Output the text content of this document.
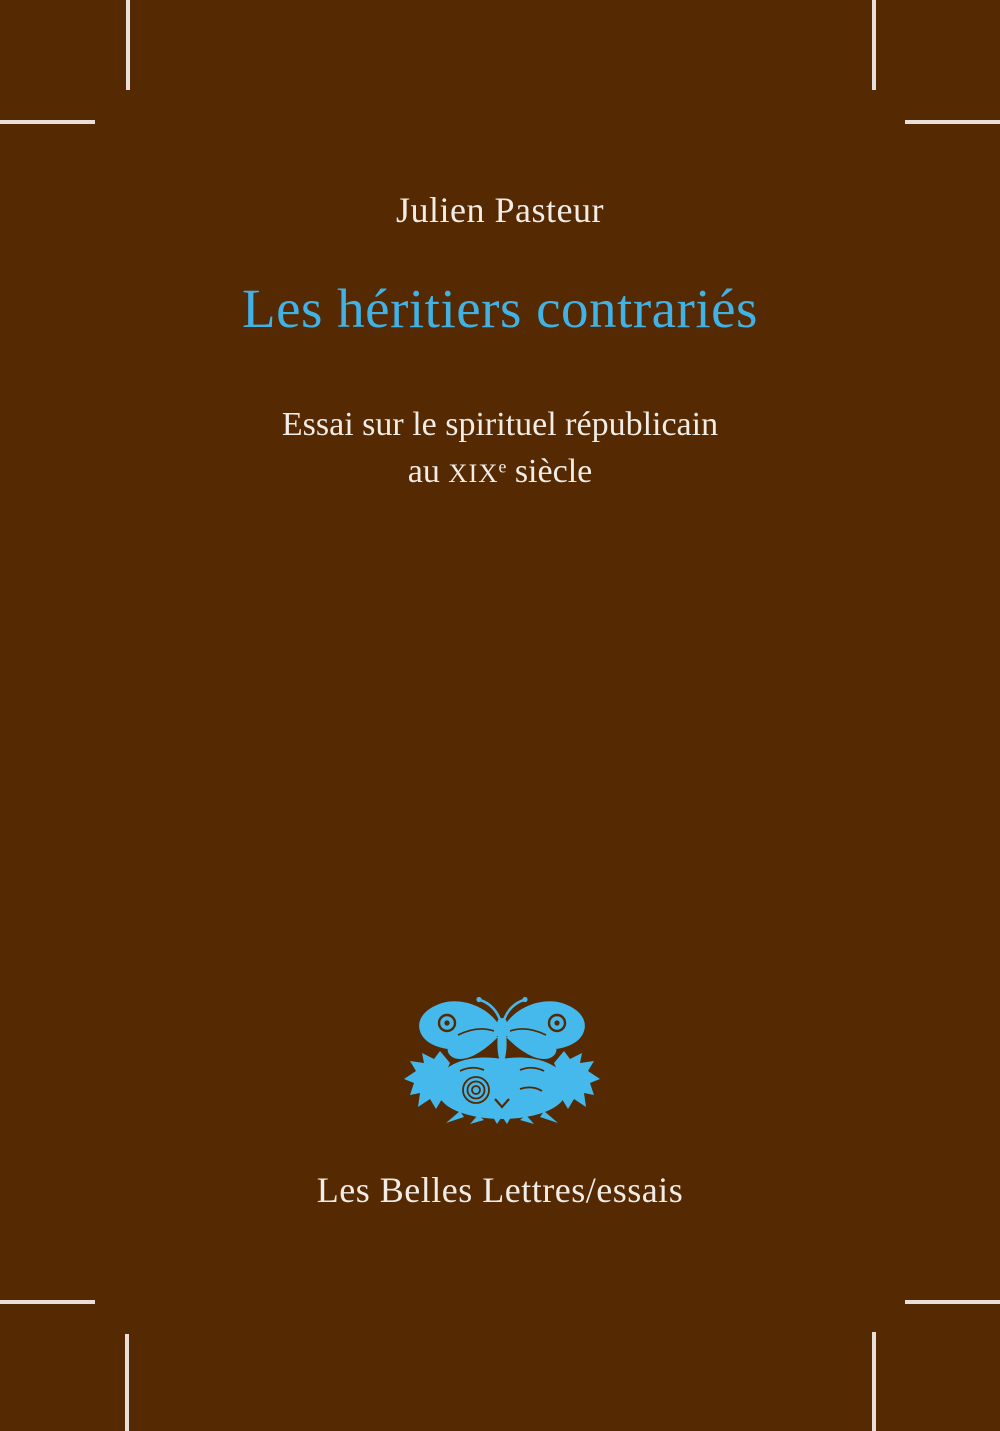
Julien Pasteur
Les héritiers contrariés
Essai sur le spirituel républicain
au XIXe siècle
Les Belles Lettres/essais
